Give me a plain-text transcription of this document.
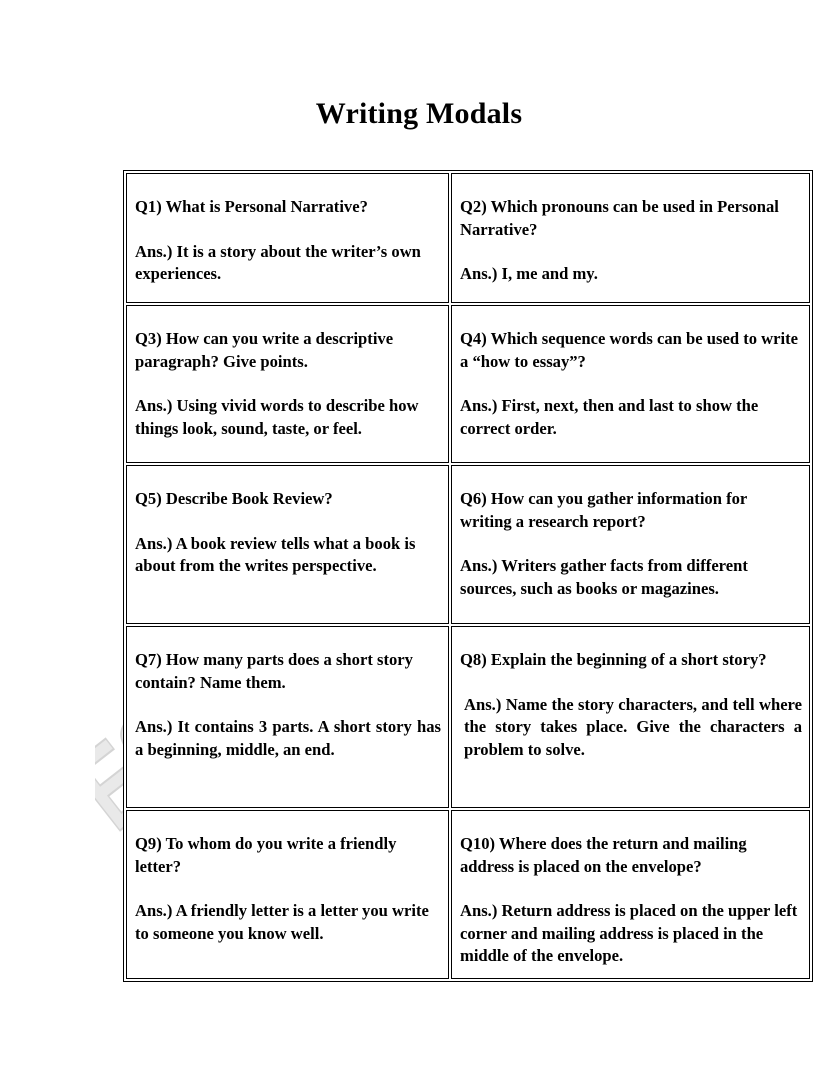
Writing Modals

Q1) What is Personal Narrative?

Ans.) It is a story about the writer’s own experiences.

Q2) Which pronouns can be used in Personal Narrative?

Ans.) I, me and my.

Q3) How can you write a descriptive paragraph? Give points.

Ans.) Using vivid words to describe how things look, sound, taste, or feel.

Q4) Which sequence words can be used to write a “how to essay”?

Ans.) First, next, then and last to show the correct order.

Q5) Describe Book Review?

Ans.) A book review tells what a book is about from the writes perspective.

Q6) How can you gather information for writing a research report?

Ans.) Writers gather facts from different sources, such as books or magazines.

Q7) How many parts does a short story contain? Name them.

Ans.) It contains 3 parts. A short story has a beginning, middle, an end.

Q8) Explain the beginning of a short story?

Ans.) Name the story characters, and tell where the story takes place. Give the characters a problem to solve.

Q9) To whom do you write a friendly letter?

Ans.) A friendly letter is a letter you write to someone you know well.

Q10) Where does the return and mailing address is placed on the envelope?

Ans.) Return address is placed on the upper left corner and mailing address is placed in the middle of the envelope.
